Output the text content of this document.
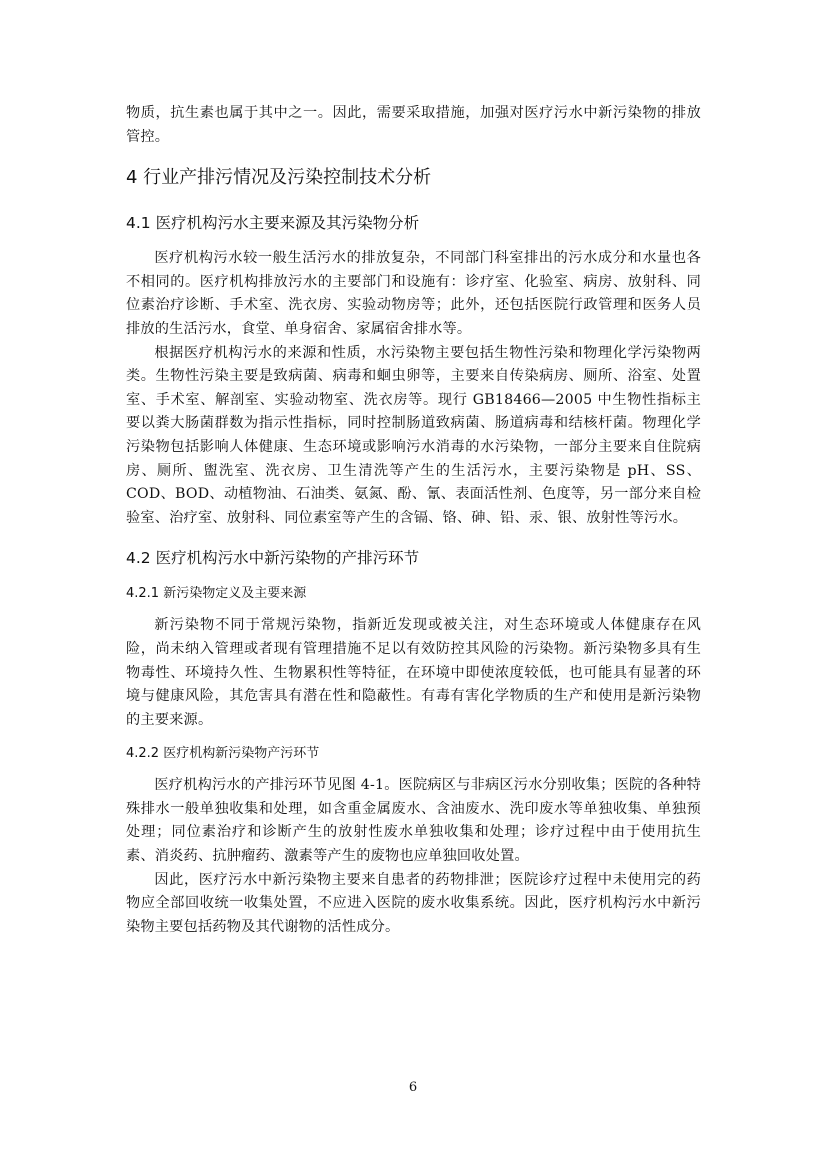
物质，抗生素也属于其中之一。因此，需要采取措施，加强对医疗污水中新污染物的排放管控。

4 行业产排污情况及污染控制技术分析
4.1 医疗机构污水主要来源及其污染物分析

医疗机构污水较一般生活污水的排放复杂，不同部门科室排出的污水成分和水量也各不相同的。医疗机构排放污水的主要部门和设施有：诊疗室、化验室、病房、放射科、同位素治疗诊断、手术室、洗衣房、实验动物房等；此外，还包括医院行政管理和医务人员排放的生活污水，食堂、单身宿舍、家属宿舍排水等。

根据医疗机构污水的来源和性质，水污染物主要包括生物性污染和物理化学污染物两类。生物性污染主要是致病菌、病毒和蛔虫卵等，主要来自传染病房、厕所、浴室、处置室、手术室、解剖室、实验动物室、洗衣房等。现行 GB18466—2005 中生物性指标主要以粪大肠菌群数为指示性指标，同时控制肠道致病菌、肠道病毒和结核杆菌。物理化学污染物包括影响人体健康、生态环境或影响污水消毒的水污染物，一部分主要来自住院病房、厕所、盥洗室、洗衣房、卫生清洗等产生的生活污水，主要污染物是 pH、SS、COD、BOD、动植物油、石油类、氨氮、酚、氰、表面活性剂、色度等，另一部分来自检验室、治疗室、放射科、同位素室等产生的含镉、铬、砷、铅、汞、银、放射性等污水。

4.2 医疗机构污水中新污染物的产排污环节
4.2.1 新污染物定义及主要来源

新污染物不同于常规污染物，指新近发现或被关注，对生态环境或人体健康存在风险，尚未纳入管理或者现有管理措施不足以有效防控其风险的污染物。新污染物多具有生物毒性、环境持久性、生物累积性等特征，在环境中即使浓度较低，也可能具有显著的环境与健康风险，其危害具有潜在性和隐蔽性。有毒有害化学物质的生产和使用是新污染物的主要来源。

4.2.2 医疗机构新污染物产污环节

医疗机构污水的产排污环节见图 4-1。医院病区与非病区污水分别收集；医院的各种特殊排水一般单独收集和处理，如含重金属废水、含油废水、洗印废水等单独收集、单独预处理；同位素治疗和诊断产生的放射性废水单独收集和处理；诊疗过程中由于使用抗生素、消炎药、抗肿瘤药、激素等产生的废物也应单独回收处置。

因此，医疗污水中新污染物主要来自患者的药物排泄；医院诊疗过程中未使用完的药物应全部回收统一收集处置，不应进入医院的废水收集系统。因此，医疗机构污水中新污染物主要包括药物及其代谢物的活性成分。

6
